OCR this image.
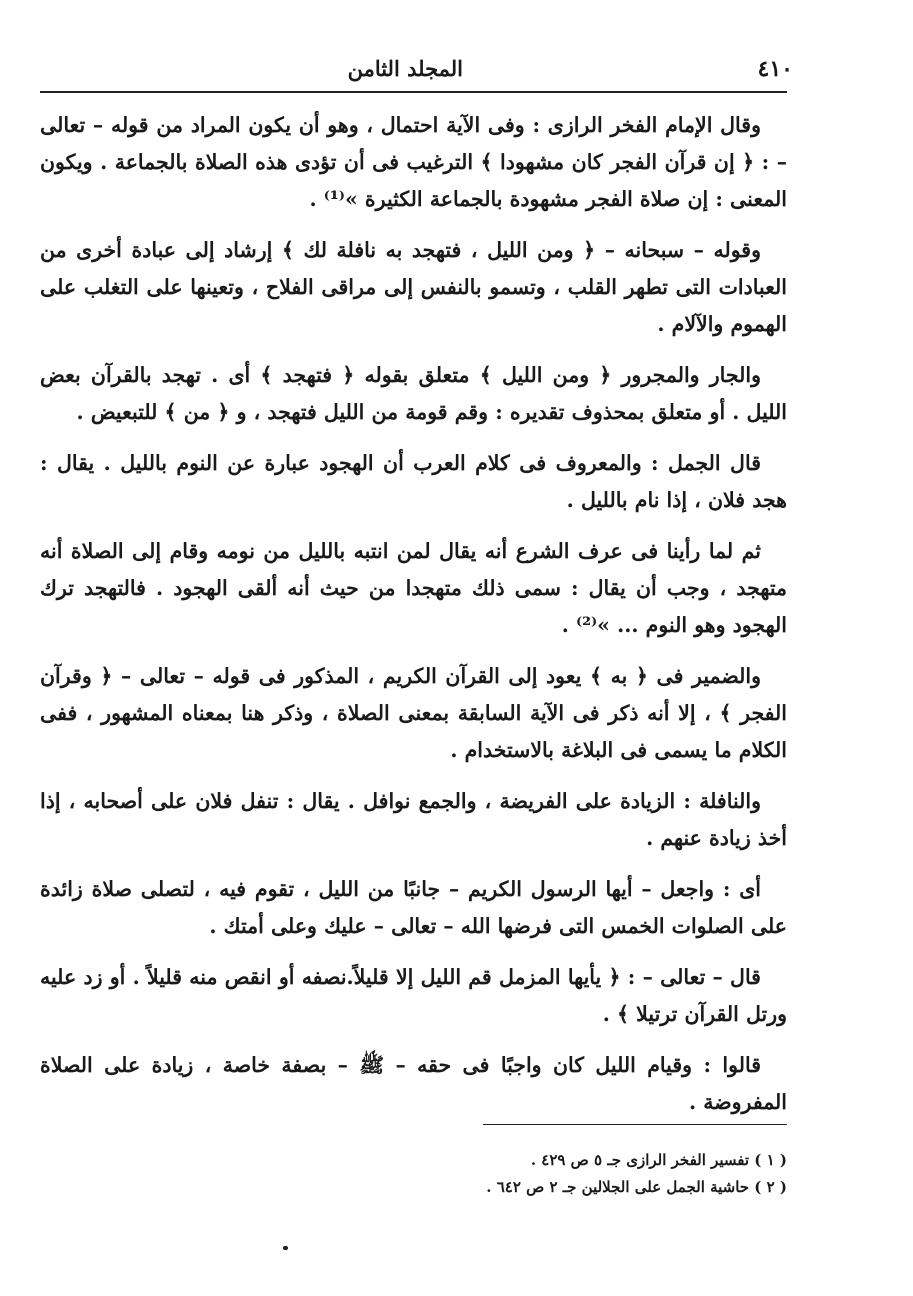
٤١٠
المجلد الثامن

وقال الإمام الفخر الرازى : وفى الآية احتمال ، وهو أن يكون المراد من قوله – تعالى – : ﴿ إن قرآن الفجر كان مشهودا ﴾ الترغيب فى أن تؤدى هذه الصلاة بالجماعة . ويكون المعنى : إن صلاة الفجر مشهودة بالجماعة الكثيرة »⁽¹⁾ .

وقوله – سبحانه – ﴿ ومن الليل ، فتهجد به نافلة لك ﴾ إرشاد إلى عبادة أخرى من العبادات التى تطهر القلب ، وتسمو بالنفس إلى مراقى الفلاح ، وتعينها على التغلب على الهموم والآلام .

والجار والمجرور ﴿ ومن الليل ﴾ متعلق بقوله ﴿ فتهجد ﴾ أى . تهجد بالقرآن بعض الليل . أو متعلق بمحذوف تقديره : وقم قومة من الليل فتهجد ، و ﴿ من ﴾ للتبعيض .

قال الجمل : والمعروف فى كلام العرب أن الهجود عبارة عن النوم بالليل . يقال : هجد فلان ، إذا نام بالليل .

ثم لما رأينا فى عرف الشرع أنه يقال لمن انتبه بالليل من نومه وقام إلى الصلاة أنه متهجد ، وجب أن يقال : سمى ذلك متهجدا من حيث أنه ألقى الهجود . فالتهجد ترك الهجود وهو النوم ... »⁽²⁾ .

والضمير فى ﴿ به ﴾ يعود إلى القرآن الكريم ، المذكور فى قوله – تعالى – ﴿ وقرآن الفجر ﴾ ، إلا أنه ذكر فى الآية السابقة بمعنى الصلاة ، وذكر هنا بمعناه المشهور ، ففى الكلام ما يسمى فى البلاغة بالاستخدام .

والنافلة : الزيادة على الفريضة ، والجمع نوافل . يقال : تنفل فلان على أصحابه ، إذا أخذ زيادة عنهم .

أى : واجعل – أيها الرسول الكريم – جانبًا من الليل ، تقوم فيه ، لتصلى صلاة زائدة على الصلوات الخمس التى فرضها الله – تعالى – عليك وعلى أمتك .

قال – تعالى – : ﴿ يأيها المزمل قم الليل إلا قليلاً.نصفه أو انقص منه قليلاً . أو زد عليه ورتل القرآن ترتيلا ﴾ .

قالوا : وقيام الليل كان واجبًا فى حقه – ﷺ – بصفة خاصة ، زيادة على الصلاة المفروضة .

( ١ ) تفسير الفخر الرازى جـ ٥ ص ٤٢٩ .
( ٢ ) حاشية الجمل على الجلالين جـ ٢ ص ٦٤٢ .
